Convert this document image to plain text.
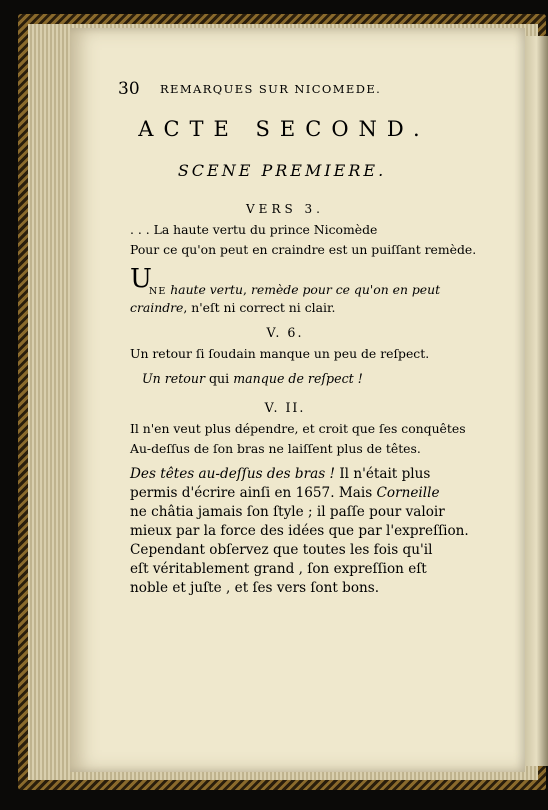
30 REMARQUES SUR NICOMEDE.
ACTE SECOND.
SCENE PREMIERE.
VERS 3.
. . . La haute vertu du prince Nicomède
Pour ce qu'on peut en craindre est un puiſſant remède.
U
NE haute vertu, remède pour ce qu'on en peut
craindre, n'eſt ni correct ni clair.
V. 6.
Un retour ſi ſoudain manque un peu de reſpect.
Un retour qui manque de reſpect !
V. II.
Il n'en veut plus dépendre, et croit que ſes conquêtes
Au-deſſus de ſon bras ne laiſſent plus de têtes.
Des têtes au-deſſus des bras ! Il n'était plus
permis d'écrire ainſi en 1657. Mais Corneille
ne châtia jamais ſon ſtyle ; il paſſe pour valoir
mieux par la force des idées que par l'expreſſion.
Cependant obſervez que toutes les fois qu'il
eſt véritablement grand , ſon expreſſion eſt
noble et juſte , et ſes vers ſont bons.
